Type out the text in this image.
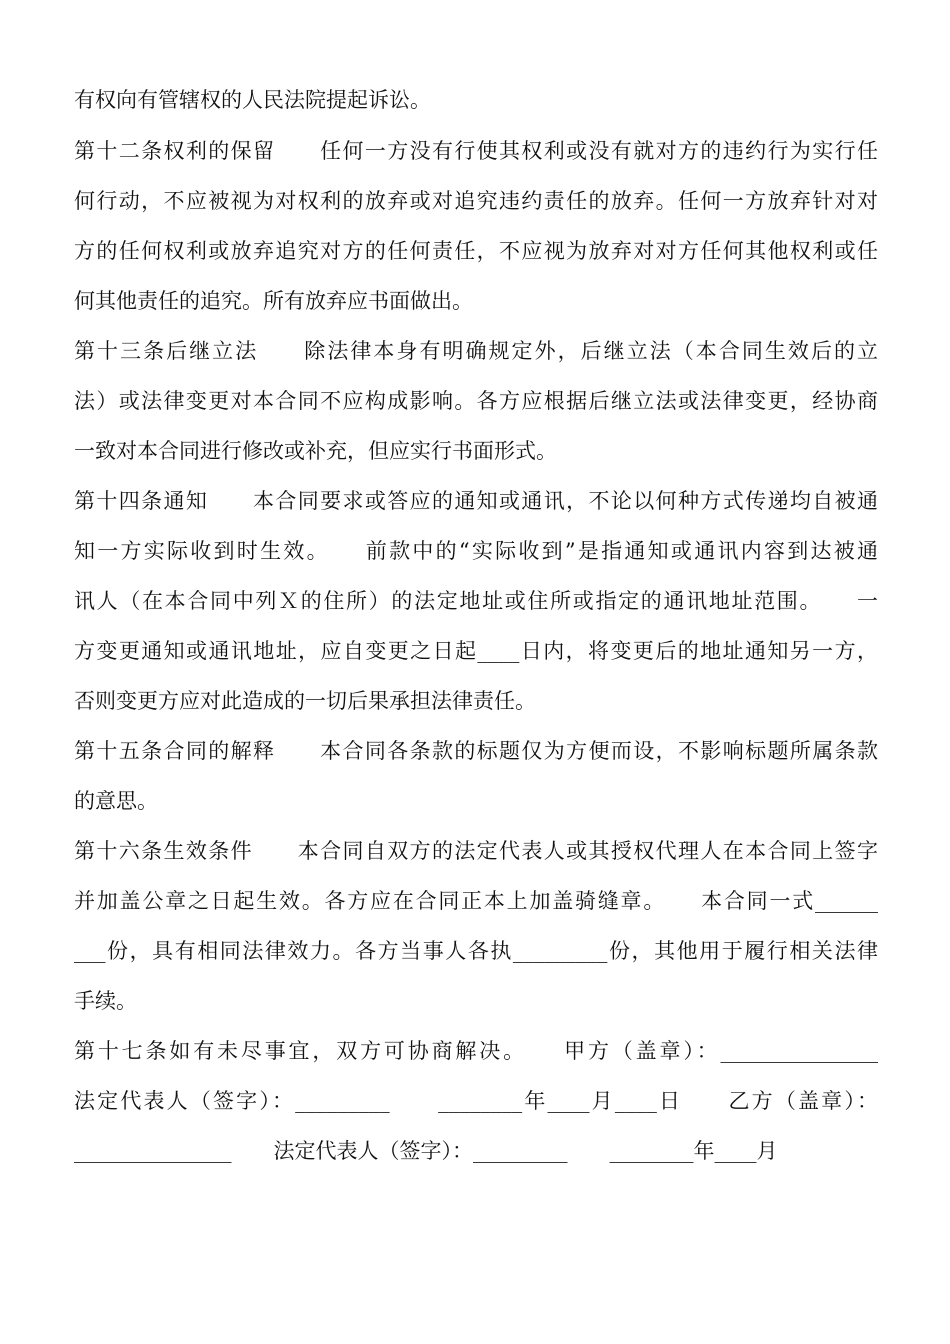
有权向有管辖权的人民法院提起诉讼。
第十二条权利的保留　　任何一方没有行使其权利或没有就对方的违约行为实行任
何行动，不应被视为对权利的放弃或对追究违约责任的放弃。任何一方放弃针对对
方的任何权利或放弃追究对方的任何责任，不应视为放弃对对方任何其他权利或任
何其他责任的追究。所有放弃应书面做出。
第十三条后继立法　　除法律本身有明确规定外，后继立法（本合同生效后的立
法）或法律变更对本合同不应构成影响。各方应根据后继立法或法律变更，经协商
一致对本合同进行修改或补充，但应实行书面形式。
第十四条通知　　本合同要求或答应的通知或通讯，不论以何种方式传递均自被通
知一方实际收到时生效。　　前款中的“实际收到”是指通知或通讯内容到达被通
讯人（在本合同中列Ｘ的住所）的法定地址或住所或指定的通讯地址范围。　　一
方变更通知或通讯地址，应自变更之日起____日内，将变更后的地址通知另一方，
否则变更方应对此造成的一切后果承担法律责任。
第十五条合同的解释　　本合同各条款的标题仅为方便而设，不影响标题所属条款
的意思。
第十六条生效条件　　本合同自双方的法定代表人或其授权代理人在本合同上签字
并加盖公章之日起生效。各方应在合同正本上加盖骑缝章。　　本合同一式______
___份，具有相同法律效力。各方当事人各执_________份，其他用于履行相关法律
手续。
第十七条如有未尽事宜，双方可协商解决。　　甲方（盖章）：_______________
法定代表人（签字）：_________　　________年____月____日　　乙方（盖章）：
_______________　　法定代表人（签字）：_________　　________年____月
